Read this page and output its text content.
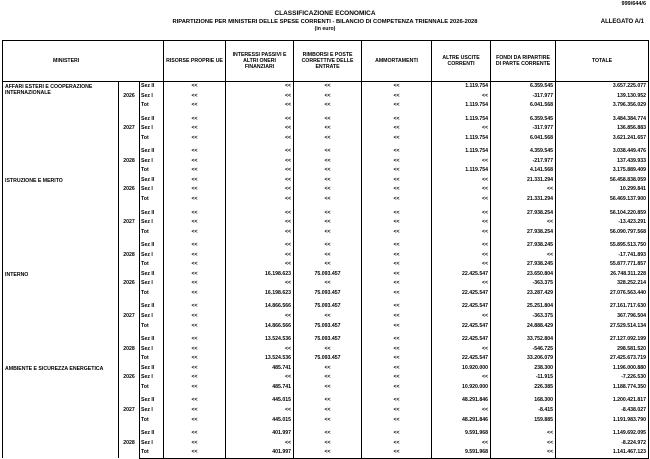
999/644/6
CLASSIFICAZIONE ECONOMICA
RIPARTIZIONE PER MINISTERI DELLE SPESE CORRENTI - BILANCIO DI COMPETENZA TRIENNALE 2026-2028
(in euro)
ALLEGATO A/1
MINISTERI			RISORSE PROPRIE UE	INTERESSI PASSIVI E ALTRI ONERI FINANZIARI	RIMBORSI E POSTE CORRETTIVE DELLE ENTRATE	AMMORTAMENTI	ALTRE USCITE CORRENTI	FONDI DA RIPARTIRE DI PARTE CORRENTE	TOTALE
AFFARI ESTERI E COOPERAZIONE INTERNAZIONALE	2026	Sez II	<<	<<	<<	<<	1.119.754	6.359.545	3.657.225.077
		Sez I	<<	<<	<<	<<	<<	-317.977	139.130.952
		Tot	<<	<<	<<	<<	1.119.754	6.041.568	3.796.356.029

	2027	Sez II	<<	<<	<<	<<	1.119.754	6.359.545	3.484.384.774
		Sez I	<<	<<	<<	<<	<<	-317.977	136.856.883
		Tot	<<	<<	<<	<<	1.119.754	6.041.568	3.621.241.657

	2028	Sez II	<<	<<	<<	<<	1.119.754	4.359.545	3.038.449.476
		Sez I	<<	<<	<<	<<	<<	-217.977	137.439.933
		Tot	<<	<<	<<	<<	1.119.754	4.141.568	3.175.889.409
ISTRUZIONE E MERITO	2026	Sez II	<<	<<	<<	<<	<<	21.331.294	56.458.838.059
		Sez I	<<	<<	<<	<<	<<	<<	10.299.841
		Tot	<<	<<	<<	<<	<<	21.331.294	56.469.137.900

	2027	Sez II	<<	<<	<<	<<	<<	27.938.254	56.104.220.859
		Sez I	<<	<<	<<	<<	<<	<<	-13.423.291
		Tot	<<	<<	<<	<<	<<	27.938.254	56.090.797.568

	2028	Sez II	<<	<<	<<	<<	<<	27.938.245	55.895.513.750
		Sez I	<<	<<	<<	<<	<<	<<	-17.741.893
		Tot	<<	<<	<<	<<	<<	27.938.245	55.877.771.857
INTERNO	2026	Sez II	<<	16.198.623	75.093.457	<<	22.425.547	23.650.804	26.748.311.228
		Sez I	<<	<<	<<	<<	<<	-363.375	328.252.214
		Tot	<<	16.198.623	75.093.457	<<	22.425.547	23.287.429	27.076.563.440

	2027	Sez II	<<	14.866.566	75.093.457	<<	22.425.547	25.251.804	27.161.717.630
		Sez I	<<	<<	<<	<<	<<	-363.375	367.796.504
		Tot	<<	14.866.566	75.093.457	<<	22.425.547	24.888.429	27.529.514.134

	2028	Sez II	<<	13.524.536	75.093.457	<<	22.425.547	33.752.804	27.127.092.199
		Sez I	<<	<<	<<	<<	<<	-546.725	298.581.520
		Tot	<<	13.524.536	75.093.457	<<	22.425.547	33.206.079	27.425.673.719
AMBIENTE E SICUREZZA ENERGETICA	2026	Sez II	<<	485.741	<<	<<	10.920.000	238.300	1.196.000.880
		Sez I	<<	<<	<<	<<	<<	-11.915	-7.226.530
		Tot	<<	485.741	<<	<<	10.920.000	226.385	1.188.774.350

	2027	Sez II	<<	445.015	<<	<<	48.291.846	168.300	1.200.421.817
		Sez I	<<	<<	<<	<<	<<	-8.415	-8.438.027
		Tot	<<	445.015	<<	<<	48.291.846	159.885	1.191.983.790

	2028	Sez II	<<	401.997	<<	<<	9.591.968	<<	1.149.692.095
		Sez I	<<	<<	<<	<<	<<	<<	-8.224.972
		Tot	<<	401.997	<<	<<	9.591.968	<<	1.141.467.123
